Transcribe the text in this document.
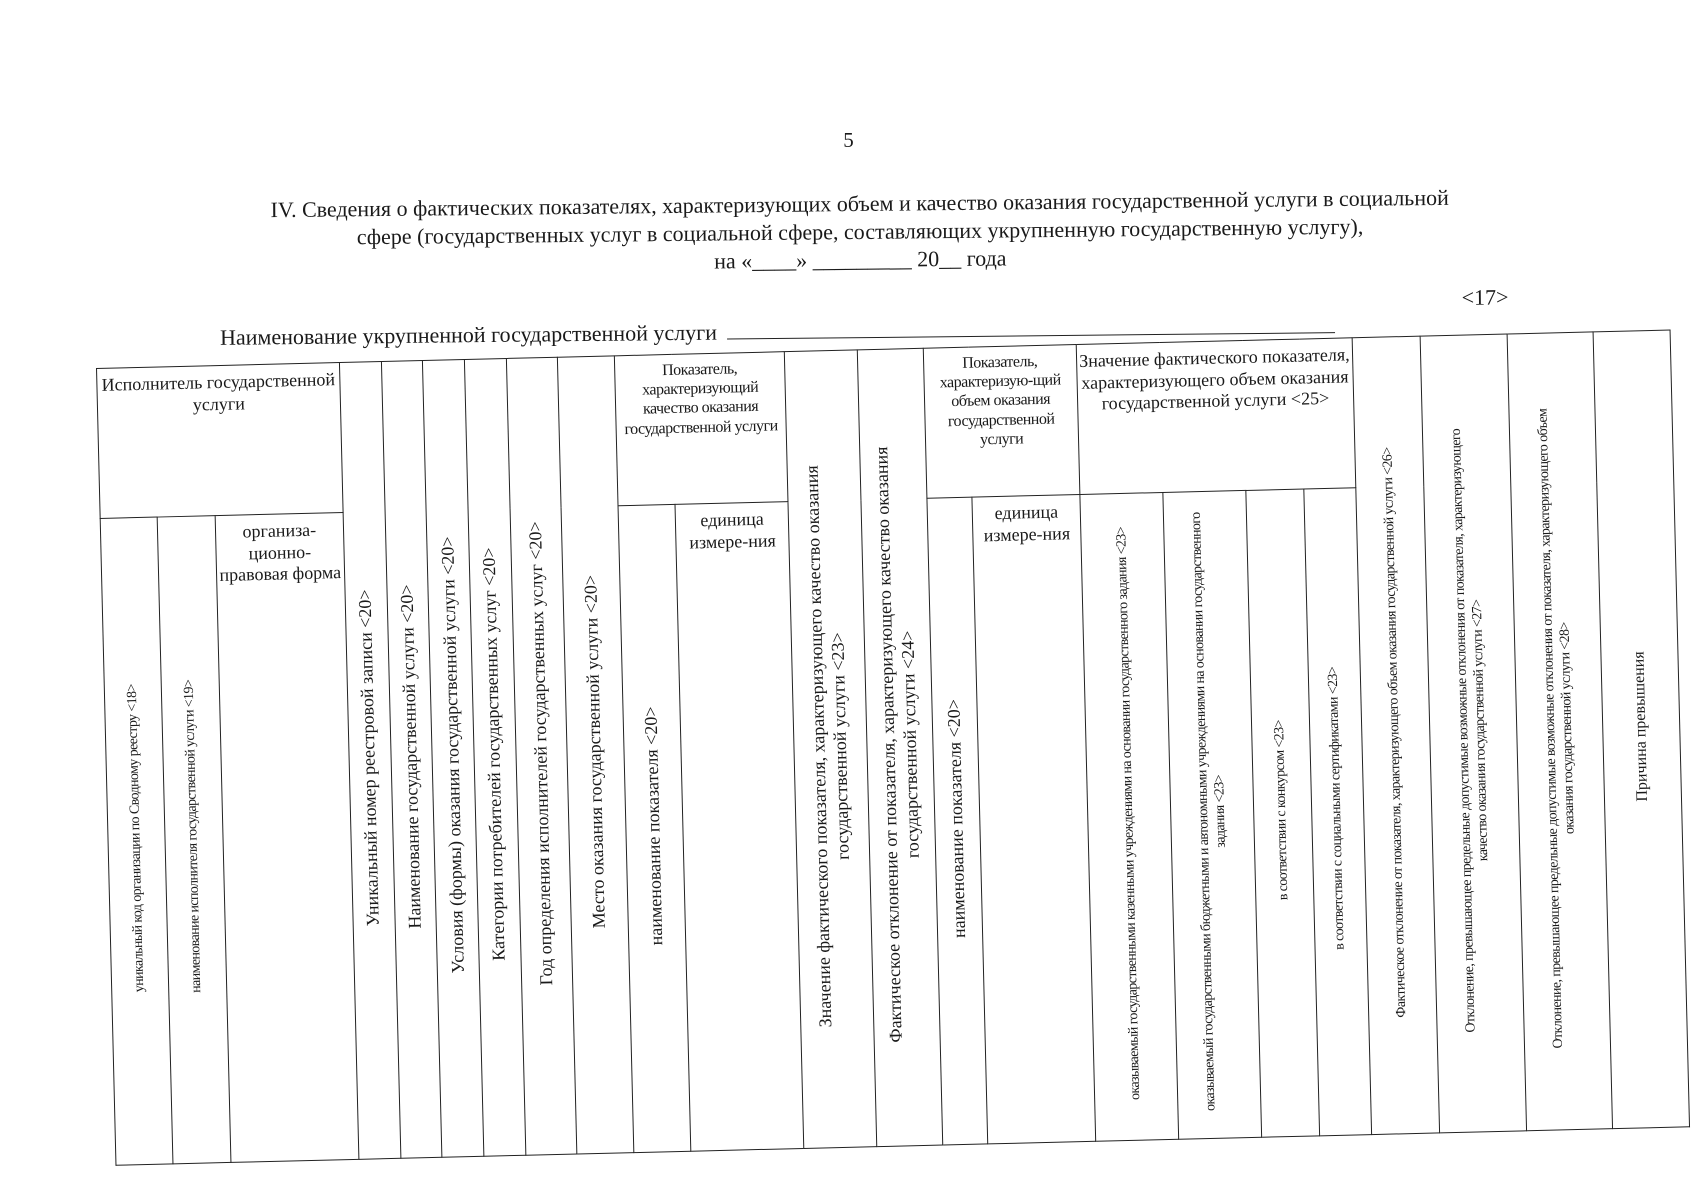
5
IV. Сведения о фактических показателях, характеризующих объем и качество оказания государственной услуги в социальной
сфере (государственных услуг в социальной сфере, составляющих укрупненную государственную услугу),
на «____» _________ 20__ года
Наименование укрупненной государственной услуги
<17>
Исполнитель государственной услуги			Уникальный номер реестровой записи <20>	Наименование государственной услуги <20>	Условия (формы) оказания государственной услуги <20>	Категории потребителей государственных услуг <20>	Год определения исполнителей государственных услуг <20>	Место оказания государственной услуги <20>	Показатель, характеризующий качество оказания государственной услуги		Значение фактического показателя, характеризующего качество оказания государственной услуги <23>	Фактическое отклонение от показателя, характеризующего качество оказания государственной услуги <24>	Показатель, характеризую-щий объем оказания государственной услуги		Значение фактического показателя, характеризующего объем оказания государственной услуги <25>				Фактическое отклонение от показателя, характеризующего объем оказания государственной услуги <26>	Отклонение, превышающее предельные допустимые возможные отклонения от показателя, характеризующего качество оказания государственной услуги <27>	Отклонение, превышающее предельные допустимые возможные отклонения от показателя, характеризующего объем оказания государственной услуги <28>	Причина превышения
уникальный код организации по Сводному реестру <18>	наименование исполнителя государственной услуги <19>	организа-ционно-правовая форма							наименование показателя <20>	единица измере-ния			наименование показателя <20>	единица измере-ния	оказываемый государственными казенными учреждениями на основании государственного задания <23>	оказываемый государственными бюджетными и автономными учреждениями на основании государственного задания <23>	в соответствии с конкурсом <23>	в соответствии с социальными сертификатами <23>				
